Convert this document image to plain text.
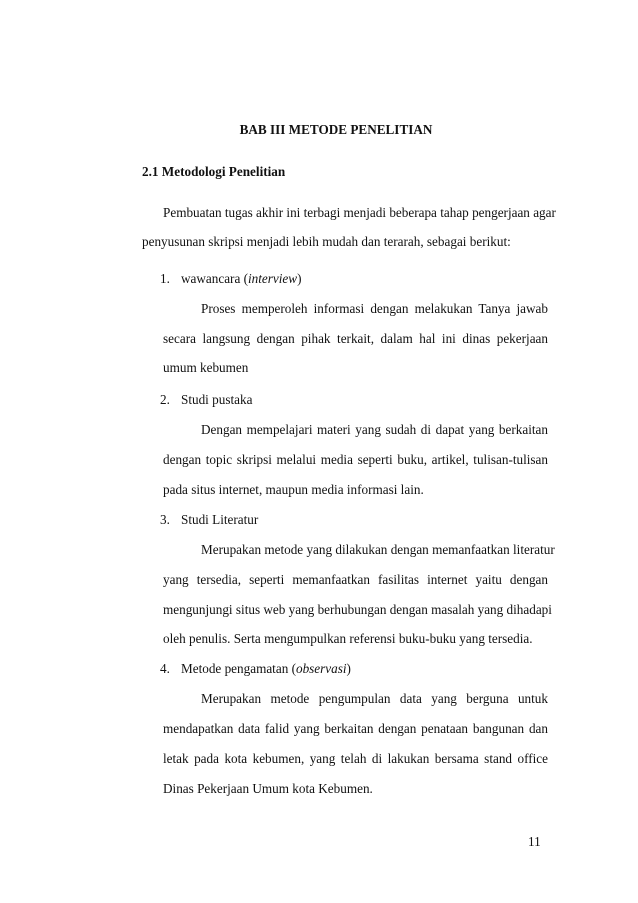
BAB III METODE PENELITIAN
2.1 Metodologi Penelitian
Pembuatan tugas akhir ini terbagi menjadi beberapa tahap pengerjaan agar
penyusunan skripsi menjadi lebih mudah dan terarah, sebagai berikut:
1. wawancara (interview)
Proses memperoleh informasi dengan melakukan Tanya jawab
secara langsung dengan pihak terkait, dalam hal ini dinas pekerjaan
umum kebumen
2. Studi pustaka
Dengan mempelajari materi yang sudah di dapat yang berkaitan
dengan topic skripsi melalui media seperti buku, artikel, tulisan-tulisan
pada situs internet, maupun media informasi lain.
3. Studi Literatur
Merupakan metode yang dilakukan dengan memanfaatkan literatur
yang tersedia, seperti memanfaatkan fasilitas internet yaitu dengan
mengunjungi situs web yang berhubungan dengan masalah yang dihadapi
oleh penulis. Serta mengumpulkan referensi buku-buku yang tersedia.
4. Metode pengamatan (observasi)
Merupakan metode pengumpulan data yang berguna untuk
mendapatkan data falid yang berkaitan dengan penataan bangunan dan
letak pada kota kebumen, yang telah di lakukan bersama stand office
Dinas Pekerjaan Umum kota Kebumen.
11
